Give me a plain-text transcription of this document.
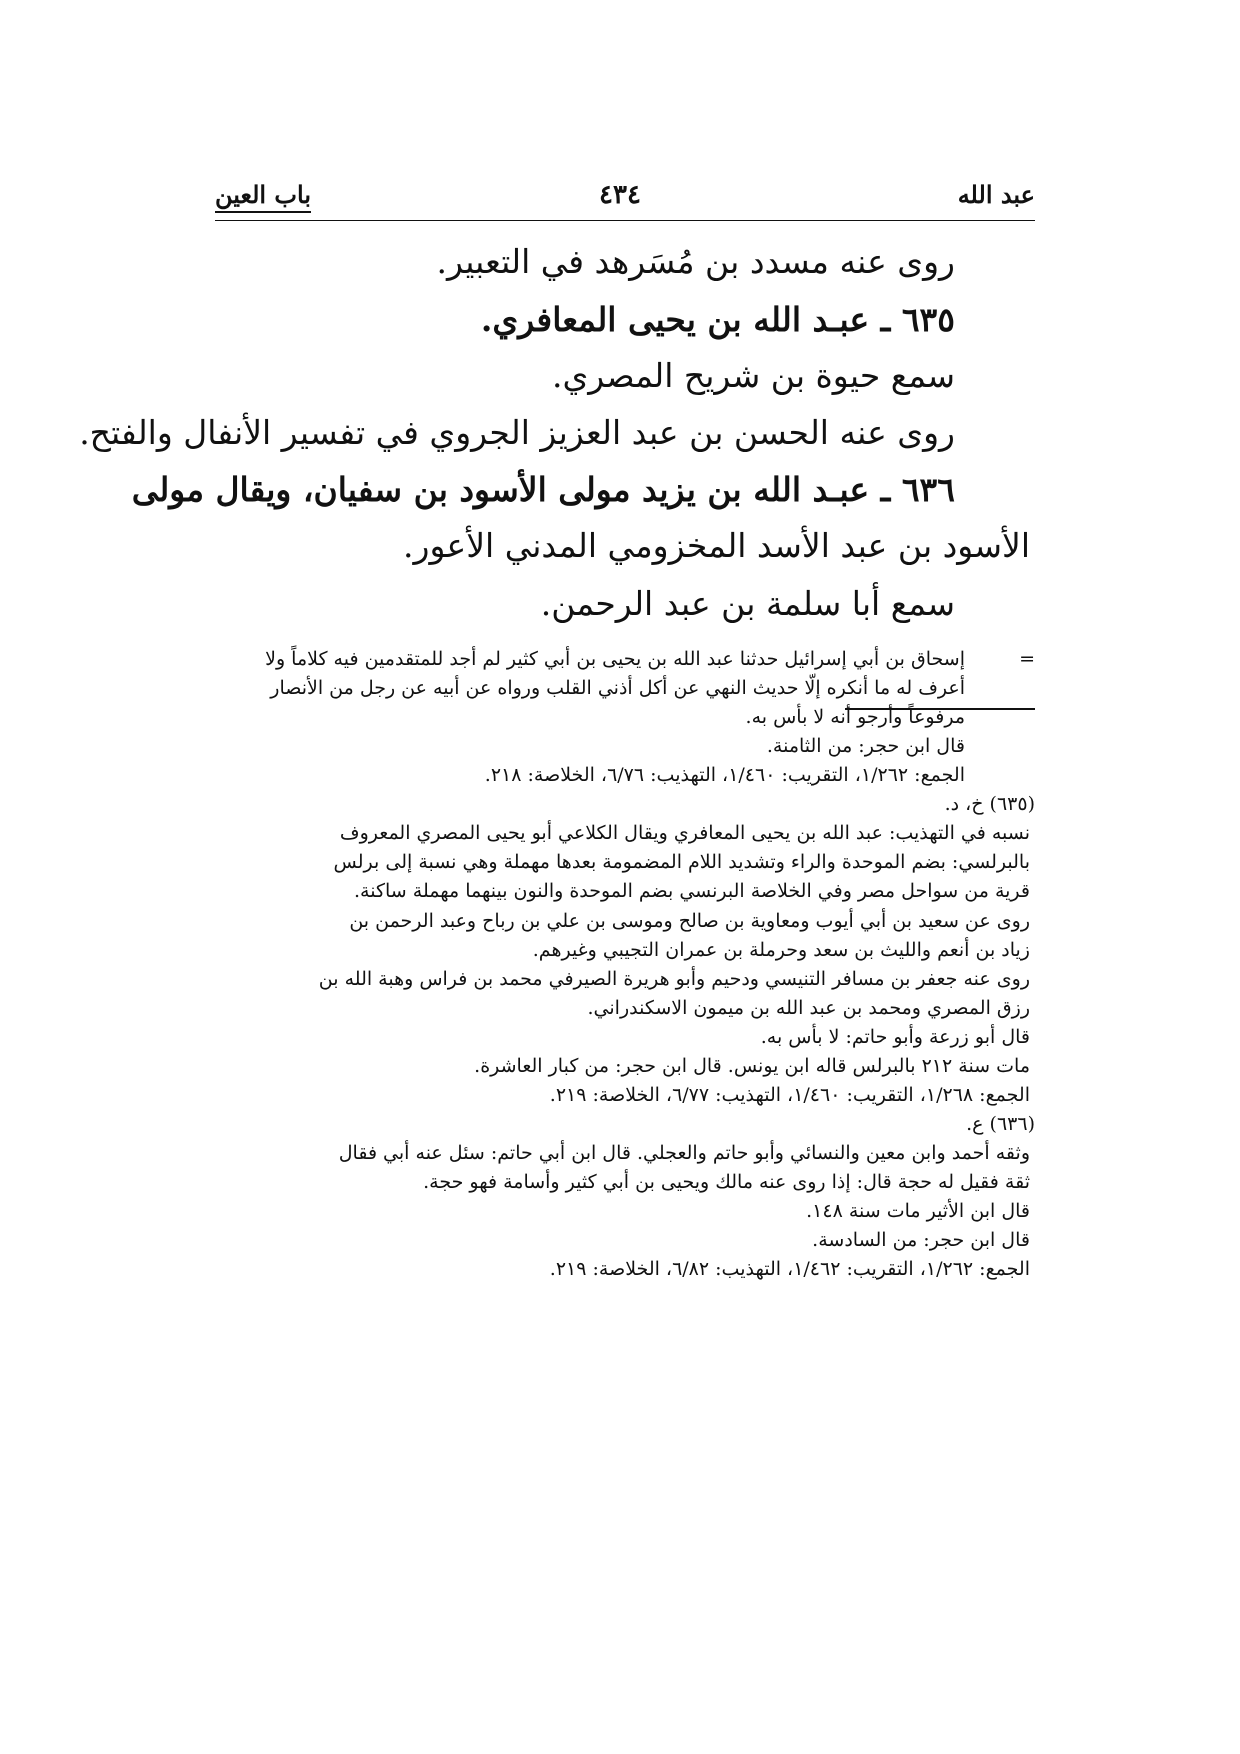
عبد الله
٤٣٤
باب العين
روى عنه مسدد بن مُسَرهد في التعبير.
٦٣٥ ـ عبـد الله بن يحيى المعافري.
سمع حيوة بن شريح المصري.
روى عنه الحسن بن عبد العزيز الجروي في تفسير الأنفال والفتح.
٦٣٦ ـ عبـد الله بن يزيد مولى الأسود بن سفيان، ويقال مولى
الأسود بن عبد الأسد المخزومي المدني الأعور.
سمع أبا سلمة بن عبد الرحمن.
=
إسحاق بن أبي إسرائيل حدثنا عبد الله بن يحيى بن أبي كثير لم أجد للمتقدمين فيه كلاماً ولا
أعرف له ما أنكره إلّا حديث النهي عن أكل أذني القلب ورواه عن أبيه عن رجل من الأنصار
مرفوعاً وأرجو أنه لا بأس به.
قال ابن حجر: من الثامنة.
الجمع: ١/٢٦٢، التقريب: ١/٤٦٠، التهذيب: ٦/٧٦، الخلاصة: ٢١٨.
(٦٣٥) خ، د.
نسبه في التهذيب: عبد الله بن يحيى المعافري ويقال الكلاعي أبو يحيى المصري المعروف
بالبرلسي: بضم الموحدة والراء وتشديد اللام المضمومة بعدها مهملة وهي نسبة إلى برلس
قرية من سواحل مصر وفي الخلاصة البرنسي بضم الموحدة والنون بينهما مهملة ساكنة.
روى عن سعيد بن أبي أيوب ومعاوية بن صالح وموسى بن علي بن رباح وعبد الرحمن بن
زياد بن أنعم والليث بن سعد وحرملة بن عمران التجيبي وغيرهم.
روى عنه جعفر بن مسافر التنيسي ودحيم وأبو هريرة الصيرفي محمد بن فراس وهبة الله بن
رزق المصري ومحمد بن عبد الله بن ميمون الاسكندراني.
قال أبو زرعة وأبو حاتم: لا بأس به.
مات سنة ٢١٢ بالبرلس قاله ابن يونس. قال ابن حجر: من كبار العاشرة.
الجمع: ١/٢٦٨، التقريب: ١/٤٦٠، التهذيب: ٦/٧٧، الخلاصة: ٢١٩.
(٦٣٦) ع.
وثقه أحمد وابن معين والنسائي وأبو حاتم والعجلي. قال ابن أبي حاتم: سئل عنه أبي فقال
ثقة فقيل له حجة قال: إذا روى عنه مالك ويحيى بن أبي كثير وأسامة فهو حجة.
قال ابن الأثير مات سنة ١٤٨.
قال ابن حجر: من السادسة.
الجمع: ١/٢٦٢، التقريب: ١/٤٦٢، التهذيب: ٦/٨٢، الخلاصة: ٢١٩.
